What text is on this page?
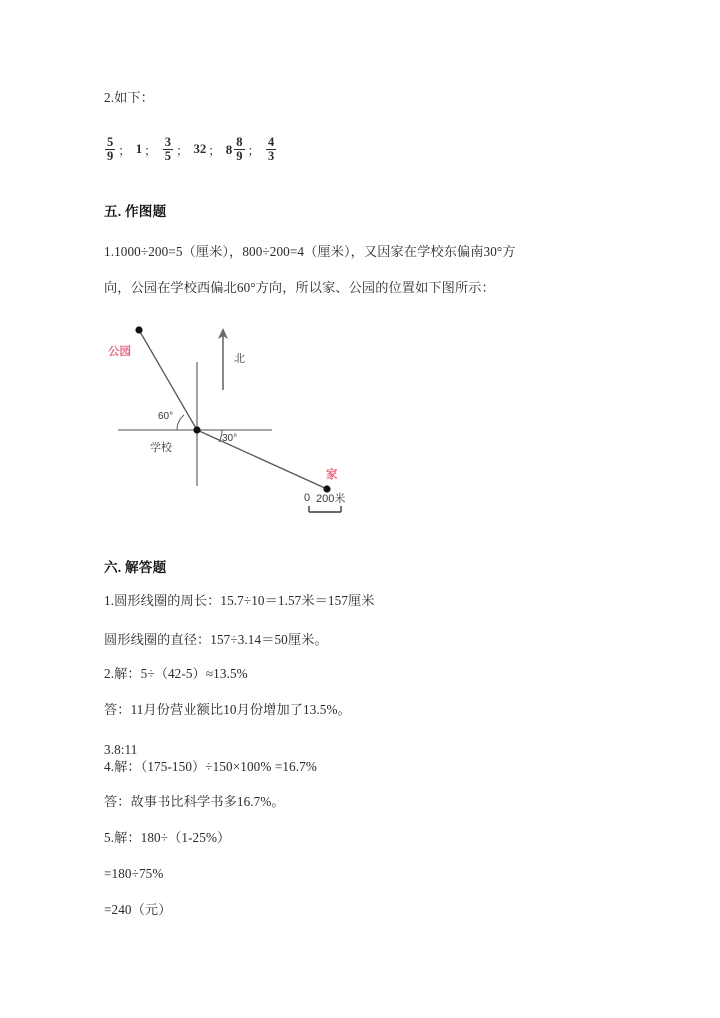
2.如下：
$\frac{5}{9}$ ； 1 ； $\frac{3}{5}$ ； 32 ； $8 \frac{8}{9}$ ； $\frac{4}{3}$
五. 作图题
1.1000÷200=5（厘米），800÷200=4（厘米），又因家在学校东偏南30°方
向，公园在学校西偏北60°方向，所以家、公园的位置如下图所示：
公园
家
北
学校
60°
30°
0 200米
六. 解答题
1.圆形线圈的周长：15.7÷10＝1.57米＝157厘米
圆形线圈的直径：157÷3.14＝50厘米。
2.解：5÷（42-5）≈13.5%
答：11月份营业额比10月份增加了13.5%。
3.8:11
4.解：（175-150）÷150×100% =16.7%
答：故事书比科学书多16.7%。
5.解：180÷（1-25%）
=180÷75%
=240（元）
